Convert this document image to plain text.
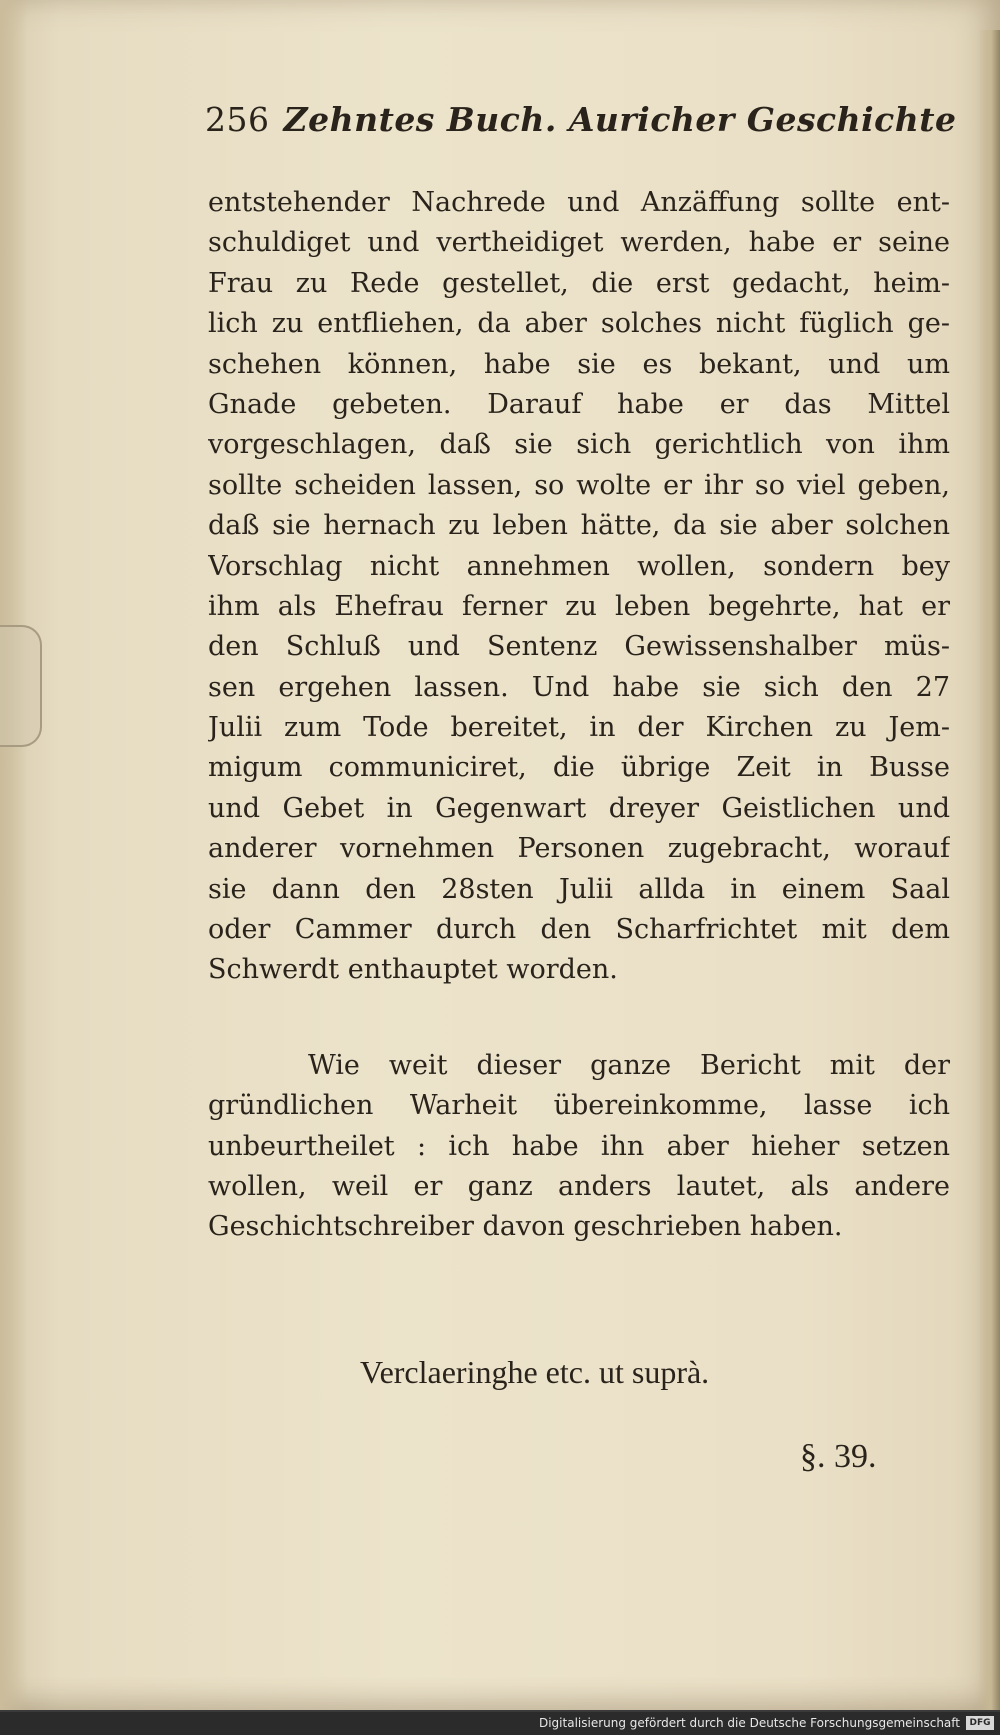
256 Zehntes Buch. Auricher Geschichte
entstehender Nachrede und Anzäffung sollte ent-
schuldiget und vertheidiget werden, habe er seine
Frau zu Rede gestellet, die erst gedacht, heim-
lich zu entfliehen, da aber solches nicht füglich ge-
schehen können, habe sie es bekant, und um
Gnade gebeten. Darauf habe er das Mittel
vorgeschlagen, daß sie sich gerichtlich von ihm
sollte scheiden lassen, so wolte er ihr so viel geben,
daß sie hernach zu leben hätte, da sie aber solchen
Vorschlag nicht annehmen wollen, sondern bey
ihm als Ehefrau ferner zu leben begehrte, hat er
den Schluß und Sentenz Gewissenshalber müs-
sen ergehen lassen. Und habe sie sich den 27
Julii zum Tode bereitet, in der Kirchen zu Jem-
migum communiciret, die übrige Zeit in Busse
und Gebet in Gegenwart dreyer Geistlichen und
anderer vornehmen Personen zugebracht, worauf
sie dann den 28sten Julii allda in einem Saal
oder Cammer durch den Scharfrichtet mit dem
Schwerdt enthauptet worden.
Wie weit dieser ganze Bericht mit der
gründlichen Warheit übereinkomme, lasse ich
unbeurtheilet : ich habe ihn aber hieher setzen
wollen, weil er ganz anders lautet, als andere
Geschichtschreiber davon geschrieben haben.
Verclaeringhe etc. ut suprà.
§. 39.
Digitalisierung gefördert durch die Deutsche Forschungsgemeinschaft	DFG
